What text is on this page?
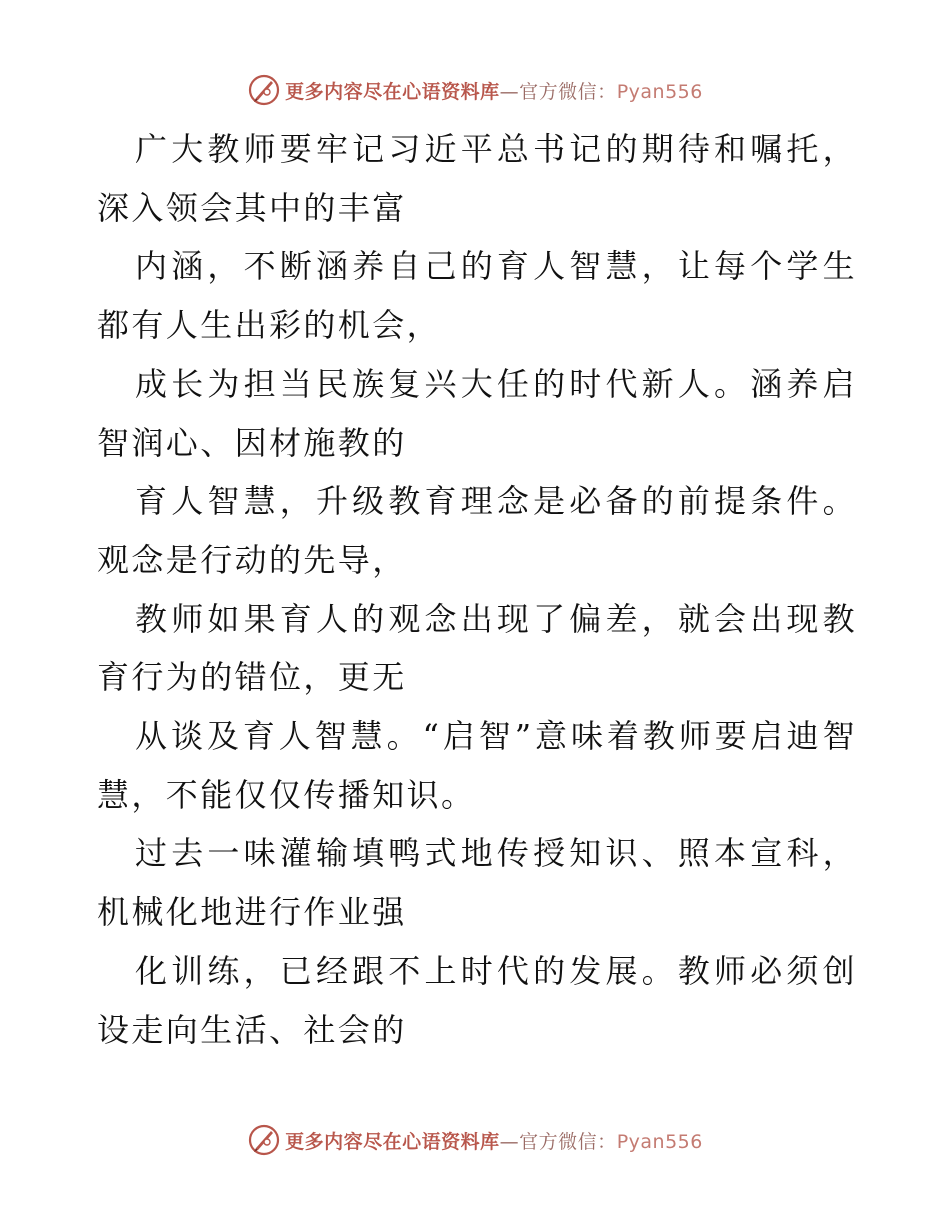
更多内容尽在心语资料库—官方微信：Pyan556

广大教师要牢记习近平总书记的期待和嘱托，深入领会其中的丰富

内涵，不断涵养自己的育人智慧，让每个学生都有人生出彩的机会，

成长为担当民族复兴大任的时代新人。涵养启智润心、因材施教的

育人智慧，升级教育理念是必备的前提条件。观念是行动的先导，

教师如果育人的观念出现了偏差，就会出现教育行为的错位，更无

从谈及育人智慧。“启智”意味着教师要启迪智慧，不能仅仅传播知识。

过去一味灌输填鸭式地传授知识、照本宣科，机械化地进行作业强

化训练，已经跟不上时代的发展。教师必须创设走向生活、社会的

更多内容尽在心语资料库—官方微信：Pyan556
